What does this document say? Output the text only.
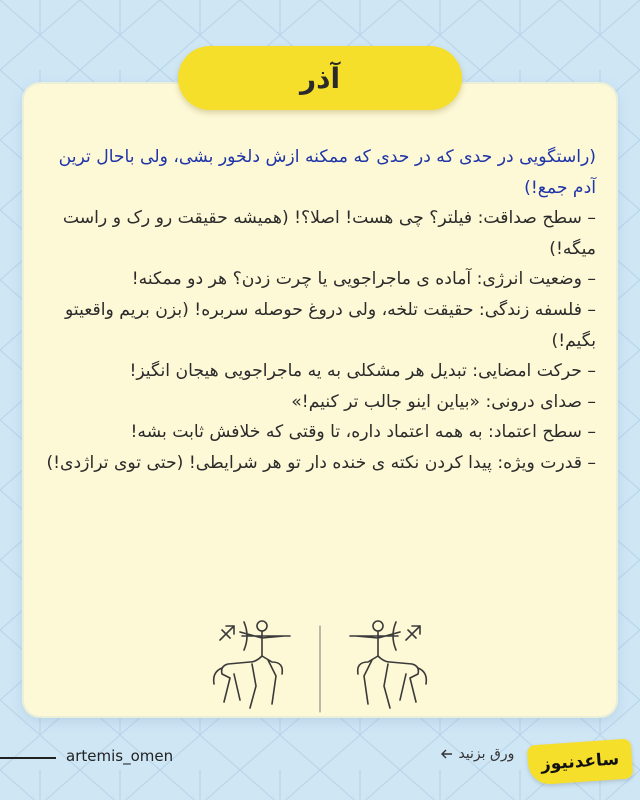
آذر

(راستگویی در حدی که در حدی که ممکنه ازش دلخور بشی، ولی باحال ترین آدم جمع!)

– سطح صداقت: فیلتر؟ چی هست! اصلا؟! (همیشه حقیقت رو رک و راست میگه!)

– وضعیت انرژی: آماده ی ماجراجویی یا چرت زدن؟ هر دو ممکنه!

– فلسفه زندگی: حقیقت تلخه، ولی دروغ حوصله سربره! (بزن بریم واقعیتو بگیم!)

– حرکت امضایی: تبدیل هر مشکلی به یه ماجراجویی هیجان انگیز!

– صدای درونی: «بیاین اینو جالب تر کنیم!»

– سطح اعتماد: به همه اعتماد داره، تا وقتی که خلافش ثابت بشه!

– قدرت ویژه: پیدا کردن نکته ی خنده دار تو هر شرایطی! (حتی توی تراژدی!)

artemis_omen	ورق بزنید ساعدنیوز
